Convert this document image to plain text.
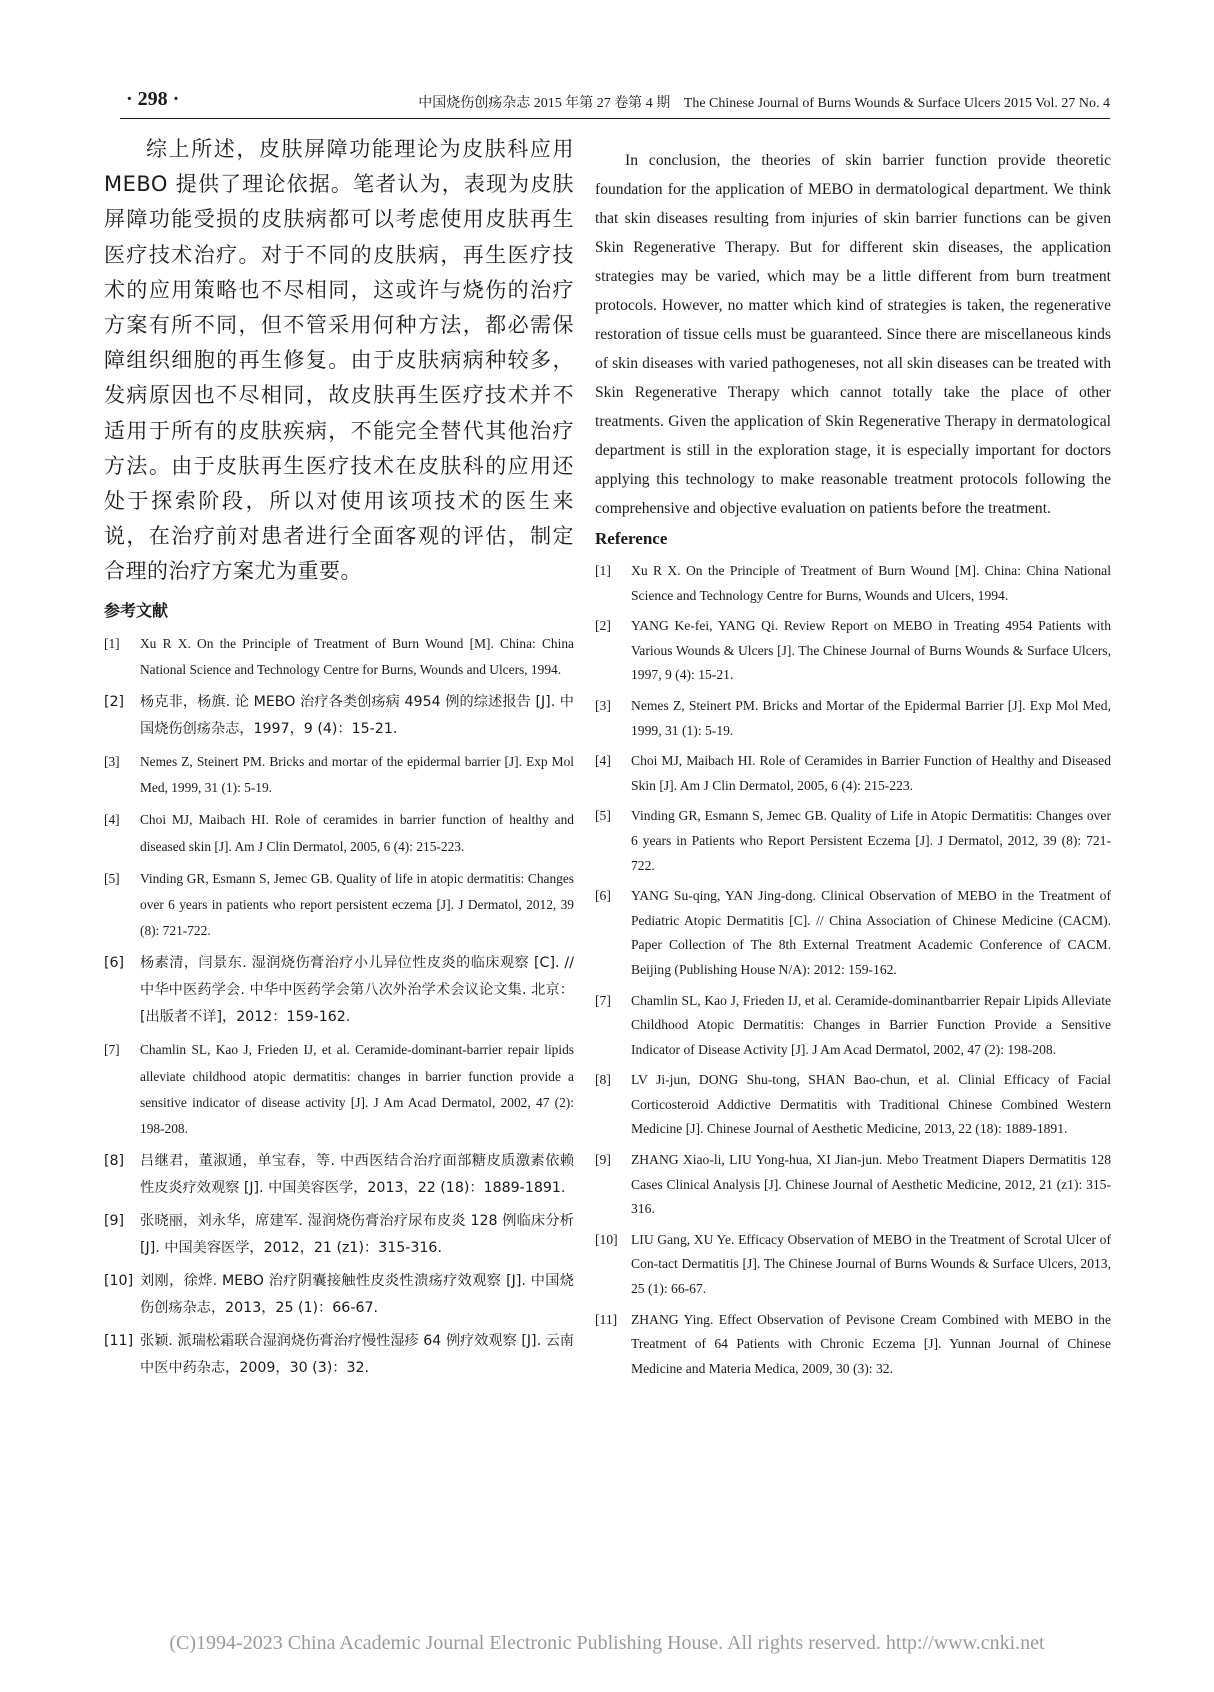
· 298 ·	中国烧伤创疡杂志 2015 年第 27 卷第 4 期 The Chinese Journal of Burns Wounds & Surface Ulcers 2015 Vol. 27 No. 4

综上所述，皮肤屏障功能理论为皮肤科应用 MEBO 提供了理论依据。笔者认为，表现为皮肤屏障功能受损的皮肤病都可以考虑使用皮肤再生医疗技术治疗。对于不同的皮肤病，再生医疗技术的应用策略也不尽相同，这或许与烧伤的治疗方案有所不同，但不管采用何种方法，都必需保障组织细胞的再生修复。由于皮肤病病种较多，发病原因也不尽相同，故皮肤再生医疗技术并不适用于所有的皮肤疾病，不能完全替代其他治疗方法。由于皮肤再生医疗技术在皮肤科的应用还处于探索阶段，所以对使用该项技术的医生来说，在治疗前对患者进行全面客观的评估，制定合理的治疗方案尤为重要。

参考文献
[1] Xu R X. On the Principle of Treatment of Burn Wound [M]. China: China National Science and Technology Centre for Burns, Wounds and Ulcers, 1994.
[2] 杨克非，杨旗. 论 MEBO 治疗各类创疡病 4954 例的综述报告 [J]. 中国烧伤创疡杂志，1997，9 (4)：15-21.
[3] Nemes Z, Steinert PM. Bricks and mortar of the epidermal barrier [J]. Exp Mol Med, 1999, 31 (1): 5-19.
[4] Choi MJ, Maibach HI. Role of ceramides in barrier function of healthy and diseased skin [J]. Am J Clin Dermatol, 2005, 6 (4): 215-223.
[5] Vinding GR, Esmann S, Jemec GB. Quality of life in atopic dermatitis: Changes over 6 years in patients who report persistent eczema [J]. J Dermatol, 2012, 39 (8): 721-722.
[6] 杨素清，闫景东. 湿润烧伤膏治疗小儿异位性皮炎的临床观察 [C]. //中华中医药学会. 中华中医药学会第八次外治学术会议论文集. 北京：[出版者不详]，2012：159-162.
[7] Chamlin SL, Kao J, Frieden IJ, et al. Ceramide-dominant-barrier repair lipids alleviate childhood atopic dermatitis: changes in barrier function provide a sensitive indicator of disease activity [J]. J Am Acad Dermatol, 2002, 47 (2): 198-208.
[8] 吕继君，董淑通，单宝春，等. 中西医结合治疗面部糖皮质激素依赖性皮炎疗效观察 [J]. 中国美容医学，2013，22 (18)：1889-1891.
[9] 张晓丽，刘永华，席建军. 湿润烧伤膏治疗尿布皮炎 128 例临床分析 [J]. 中国美容医学，2012，21 (z1)：315-316.
[10] 刘刚，徐烨. MEBO 治疗阴囊接触性皮炎性溃疡疗效观察 [J]. 中国烧伤创疡杂志，2013，25 (1)：66-67.
[11] 张颖. 派瑞松霜联合湿润烧伤膏治疗慢性湿疹 64 例疗效观察 [J]. 云南中医中药杂志，2009，30 (3)：32.

In conclusion, the theories of skin barrier function provide theoretic foundation for the application of MEBO in dermatological department. We think that skin diseases resulting from injuries of skin barrier functions can be given Skin Regenerative Therapy. But for different skin diseases, the application strategies may be varied, which may be a little different from burn treatment protocols. However, no matter which kind of strategies is taken, the regenerative restoration of tissue cells must be guaranteed. Since there are miscellaneous kinds of skin diseases with varied pathogeneses, not all skin diseases can be treated with Skin Regenerative Therapy which cannot totally take the place of other treatments. Given the application of Skin Regenerative Therapy in dermatological department is still in the exploration stage, it is especially important for doctors applying this technology to make reasonable treatment protocols following the comprehensive and objective evaluation on patients before the treatment.

Reference
[1] Xu R X. On the Principle of Treatment of Burn Wound [M]. China: China National Science and Technology Centre for Burns, Wounds and Ulcers, 1994.
[2] YANG Ke-fei, YANG Qi. Review Report on MEBO in Treating 4954 Patients with Various Wounds & Ulcers [J]. The Chinese Journal of Burns Wounds & Surface Ulcers, 1997, 9 (4): 15-21.
[3] Nemes Z, Steinert PM. Bricks and Mortar of the Epidermal Barrier [J]. Exp Mol Med, 1999, 31 (1): 5-19.
[4] Choi MJ, Maibach HI. Role of Ceramides in Barrier Function of Healthy and Diseased Skin [J]. Am J Clin Dermatol, 2005, 6 (4): 215-223.
[5] Vinding GR, Esmann S, Jemec GB. Quality of Life in Atopic Dermatitis: Changes over 6 years in Patients who Report Persistent Eczema [J]. J Dermatol, 2012, 39 (8): 721-722.
[6] YANG Su-qing, YAN Jing-dong. Clinical Observation of MEBO in the Treatment of Pediatric Atopic Dermatitis [C]. // China Association of Chinese Medicine (CACM). Paper Collection of The 8th External Treatment Academic Conference of CACM. Beijing (Publishing House N/A): 2012: 159-162.
[7] Chamlin SL, Kao J, Frieden IJ, et al. Ceramide-dominantbarrier Repair Lipids Alleviate Childhood Atopic Dermatitis: Changes in Barrier Function Provide a Sensitive Indicator of Disease Activity [J]. J Am Acad Dermatol, 2002, 47 (2): 198-208.
[8] LV Ji-jun, DONG Shu-tong, SHAN Bao-chun, et al. Clinial Efficacy of Facial Corticosteroid Addictive Dermatitis with Traditional Chinese Combined Western Medicine [J]. Chinese Journal of Aesthetic Medicine, 2013, 22 (18): 1889-1891.
[9] ZHANG Xiao-li, LIU Yong-hua, XI Jian-jun. Mebo Treatment Diapers Dermatitis 128 Cases Clinical Analysis [J]. Chinese Journal of Aesthetic Medicine, 2012, 21 (z1): 315-316.
[10] LIU Gang, XU Ye. Efficacy Observation of MEBO in the Treatment of Scrotal Ulcer of Con-tact Dermatitis [J]. The Chinese Journal of Burns Wounds & Surface Ulcers, 2013, 25 (1): 66-67.
[11] ZHANG Ying. Effect Observation of Pevisone Cream Combined with MEBO in the Treatment of 64 Patients with Chronic Eczema [J]. Yunnan Journal of Chinese Medicine and Materia Medica, 2009, 30 (3): 32.
(C)1994-2023 China Academic Journal Electronic Publishing House. All rights reserved. http://www.cnki.net
